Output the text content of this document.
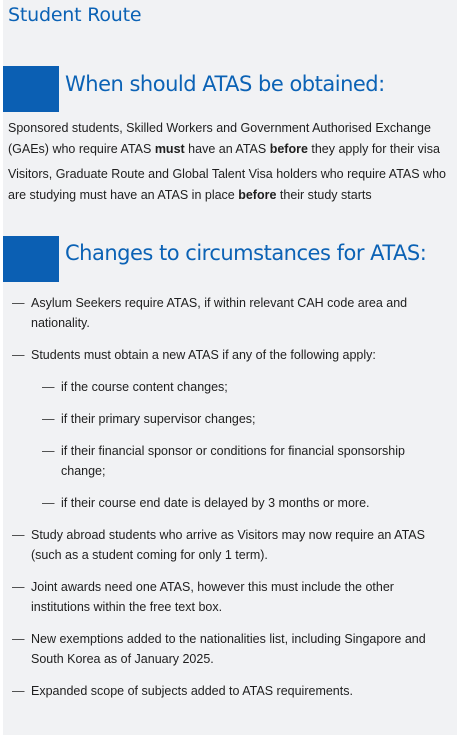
Student Route
When should ATAS be obtained:

Sponsored students, Skilled Workers and Government Authorised Exchange (GAEs) who require ATAS must have an ATAS before they apply for their visa

Visitors, Graduate Route and Global Talent Visa holders who require ATAS who are studying must have an ATAS in place before their study starts

Changes to circumstances for ATAS:
— Asylum Seekers require ATAS, if within relevant CAH code area and nationality.
— Students must obtain a new ATAS if any of the following apply:
— if the course content changes;
— if their primary supervisor changes;
— if their financial sponsor or conditions for financial sponsorship change;
— if their course end date is delayed by 3 months or more.
— Study abroad students who arrive as Visitors may now require an ATAS (such as a student coming for only 1 term).
— Joint awards need one ATAS, however this must include the other institutions within the free text box.
— New exemptions added to the nationalities list, including Singapore and South Korea as of January 2025.
— Expanded scope of subjects added to ATAS requirements.
